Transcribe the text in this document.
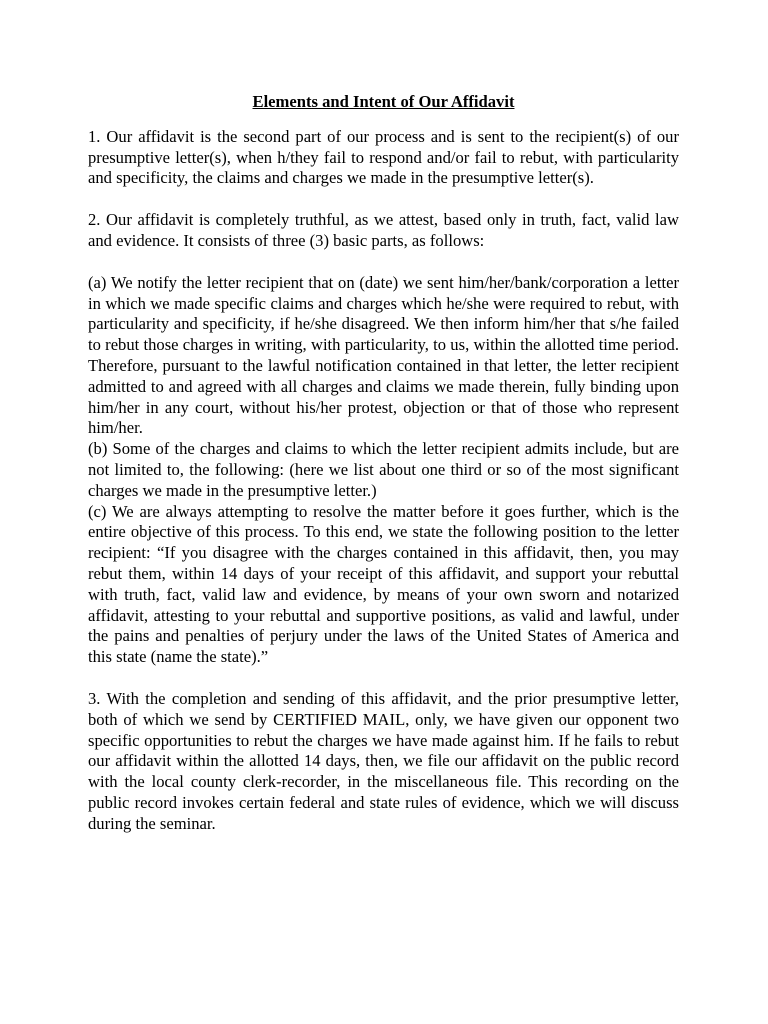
Elements and Intent of Our Affidavit

1. Our affidavit is the second part of our process and is sent to the recipient(s) of our presumptive letter(s), when h/they fail to respond and/or fail to rebut, with particularity and specificity, the claims and charges we made in the presumptive letter(s).

2. Our affidavit is completely truthful, as we attest, based only in truth, fact, valid law and evidence. It consists of three (3) basic parts, as follows:

(a) We notify the letter recipient that on (date) we sent him/her/bank/corporation a letter in which we made specific claims and charges which he/she were required to rebut, with particularity and specificity, if he/she disagreed. We then inform him/her that s/he failed to rebut those charges in writing, with particularity, to us, within the allotted time period. Therefore, pursuant to the lawful notification contained in that letter, the letter recipient admitted to and agreed with all charges and claims we made therein, fully binding upon him/her in any court, without his/her protest, objection or that of those who represent him/her.

(b) Some of the charges and claims to which the letter recipient admits include, but are not limited to, the following: (here we list about one third or so of the most significant charges we made in the presumptive letter.)

(c) We are always attempting to resolve the matter before it goes further, which is the entire objective of this process. To this end, we state the following position to the letter recipient: “If you disagree with the charges contained in this affidavit, then, you may rebut them, within 14 days of your receipt of this affidavit, and support your rebuttal with truth, fact, valid law and evidence, by means of your own sworn and notarized affidavit, attesting to your rebuttal and supportive positions, as valid and lawful, under the pains and penalties of perjury under the laws of the United States of America and this state (name the state).”

3. With the completion and sending of this affidavit, and the prior presumptive letter, both of which we send by CERTIFIED MAIL, only, we have given our opponent two specific opportunities to rebut the charges we have made against him. If he fails to rebut our affidavit within the allotted 14 days, then, we file our affidavit on the public record with the local county clerk-recorder, in the miscellaneous file. This recording on the public record invokes certain federal and state rules of evidence, which we will discuss during the seminar.
